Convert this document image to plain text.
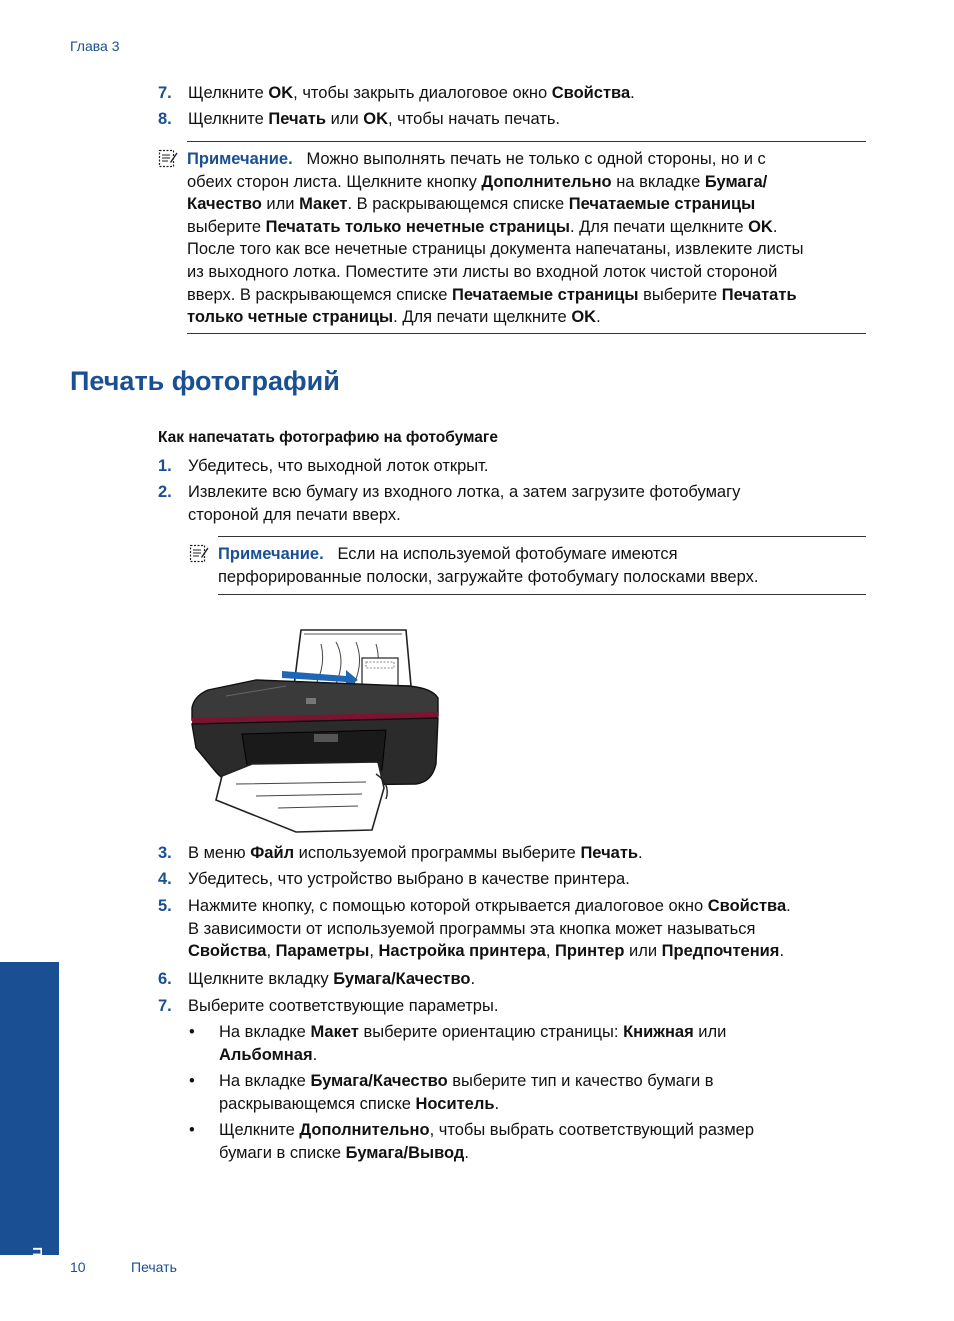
Глава 3
7. Щелкните OK, чтобы закрыть диалоговое окно Свойства.
8. Щелкните Печать или OK, чтобы начать печать.
Примечание. Можно выполнять печать не только с одной стороны, но и с
обеих сторон листа. Щелкните кнопку Дополнительно на вкладке Бумага/
Качество или Макет. В раскрывающемся списке Печатаемые страницы
выберите Печатать только нечетные страницы. Для печати щелкните OK.
После того как все нечетные страницы документа напечатаны, извлеките листы
из выходного лотка. Поместите эти листы во входной лоток чистой стороной
вверх. В раскрывающемся списке Печатаемые страницы выберите Печатать
только четные страницы. Для печати щелкните OK.
Печать фотографий
Как напечатать фотографию на фотобумаге
1. Убедитесь, что выходной лоток открыт.
2. Извлеките всю бумагу из входного лотка, а затем загрузите фотобумагу
стороной для печати вверх.
Примечание. Если на используемой фотобумаге имеются
перфорированные полоски, загружайте фотобумагу полосками вверх.
3. В меню Файл используемой программы выберите Печать.
4. Убедитесь, что устройство выбрано в качестве принтера.
5. Нажмите кнопку, с помощью которой открывается диалоговое окно Свойства.
В зависимости от используемой программы эта кнопка может называться
Свойства, Параметры, Настройка принтера, Принтер или Предпочтения.
6. Щелкните вкладку Бумага/Качество.
7. Выберите соответствующие параметры.
• На вкладке Макет выберите ориентацию страницы: Книжная или
Альбомная.
• На вкладке Бумага/Качество выберите тип и качество бумаги в
раскрывающемся списке Носитель.
• Щелкните Дополнительно, чтобы выбрать соответствующий размер
бумаги в списке Бумага/Вывод.
Печать 10	Печать
